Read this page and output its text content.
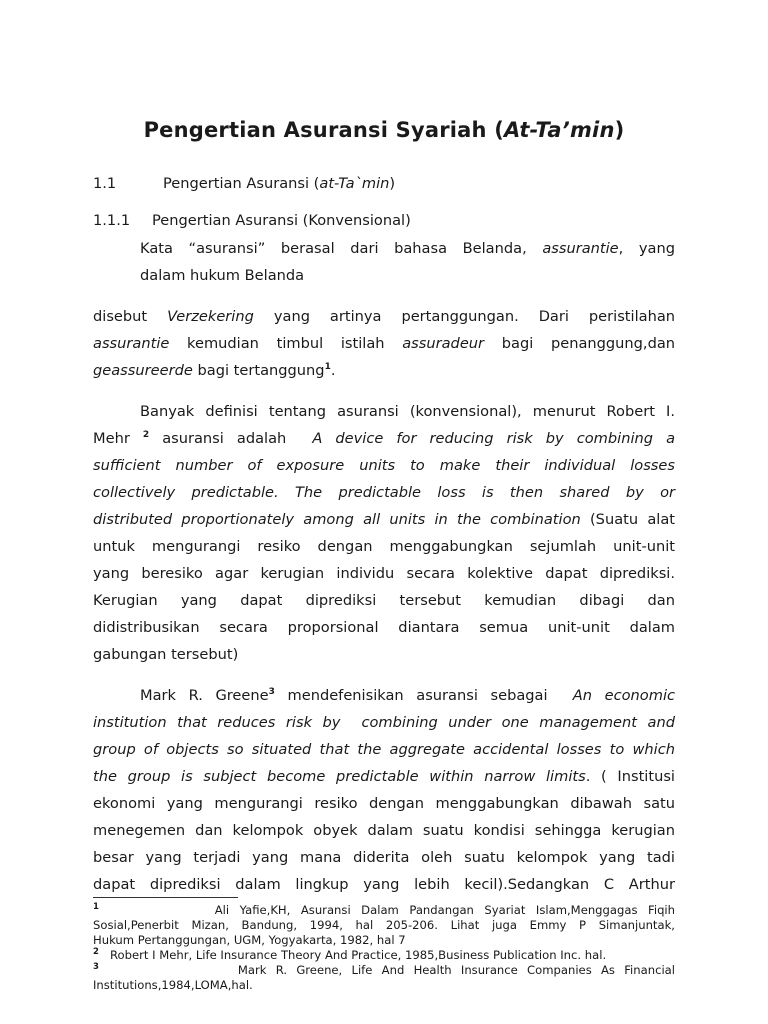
Pengertian Asuransi Syariah (At-Ta’min)
1.1	Pengertian Asuransi (at-Ta`min)
1.1.1 Pengertian Asuransi (Konvensional)
Kata “asuransi” berasal dari bahasa Belanda, assurantie, yang
dalam hukum Belanda
disebut Verzekering yang artinya pertanggungan. Dari peristilahan
assurantie kemudian timbul istilah assuradeur bagi penanggung,dan
geassureerde bagi tertanggung$^1$.
Banyak definisi tentang asuransi (konvensional), menurut Robert I.
Mehr $^2$ asuransi adalah A device for reducing risk by combining a
sufficient number of exposure units to make their individual losses
collectively predictable. The predictable loss is then shared by or
distributed proportionately among all units in the combination (Suatu alat
untuk mengurangi resiko dengan menggabungkan sejumlah unit-unit
yang beresiko agar kerugian individu secara kolektive dapat diprediksi.
Kerugian yang dapat diprediksi tersebut kemudian dibagi dan
didistribusikan secara proporsional diantara semua unit-unit dalam
gabungan tersebut)
Mark R. Greene$^3$ mendefenisikan asuransi sebagai An economic
institution that reduces risk by  combining under one management and
group of objects so situated that the aggregate accidental losses to which
the group is subject become predictable within narrow limits. ( Institusi
ekonomi yang mengurangi resiko dengan menggabungkan dibawah satu
menegemen dan kelompok obyek dalam suatu kondisi sehingga kerugian
besar yang terjadi yang mana diderita oleh suatu kelompok yang tadi
dapat diprediksi dalam lingkup yang lebih kecil).Sedangkan C Arthur
$^1$	Ali Yafie,KH, Asuransi Dalam Pandangan Syariat Islam,Menggagas Fiqih
Sosial,Penerbit Mizan, Bandung, 1994, hal 205-206. Lihat juga Emmy P Simanjuntak,
Hukum Pertanggungan, UGM, Yogyakarta, 1982, hal 7
$^2$ Robert I Mehr, Life Insurance Theory And Practice, 1985,Business Publication Inc. hal.
$^3$	Mark R. Greene, Life And Health Insurance Companies As Financial
Institutions,1984,LOMA,hal.
